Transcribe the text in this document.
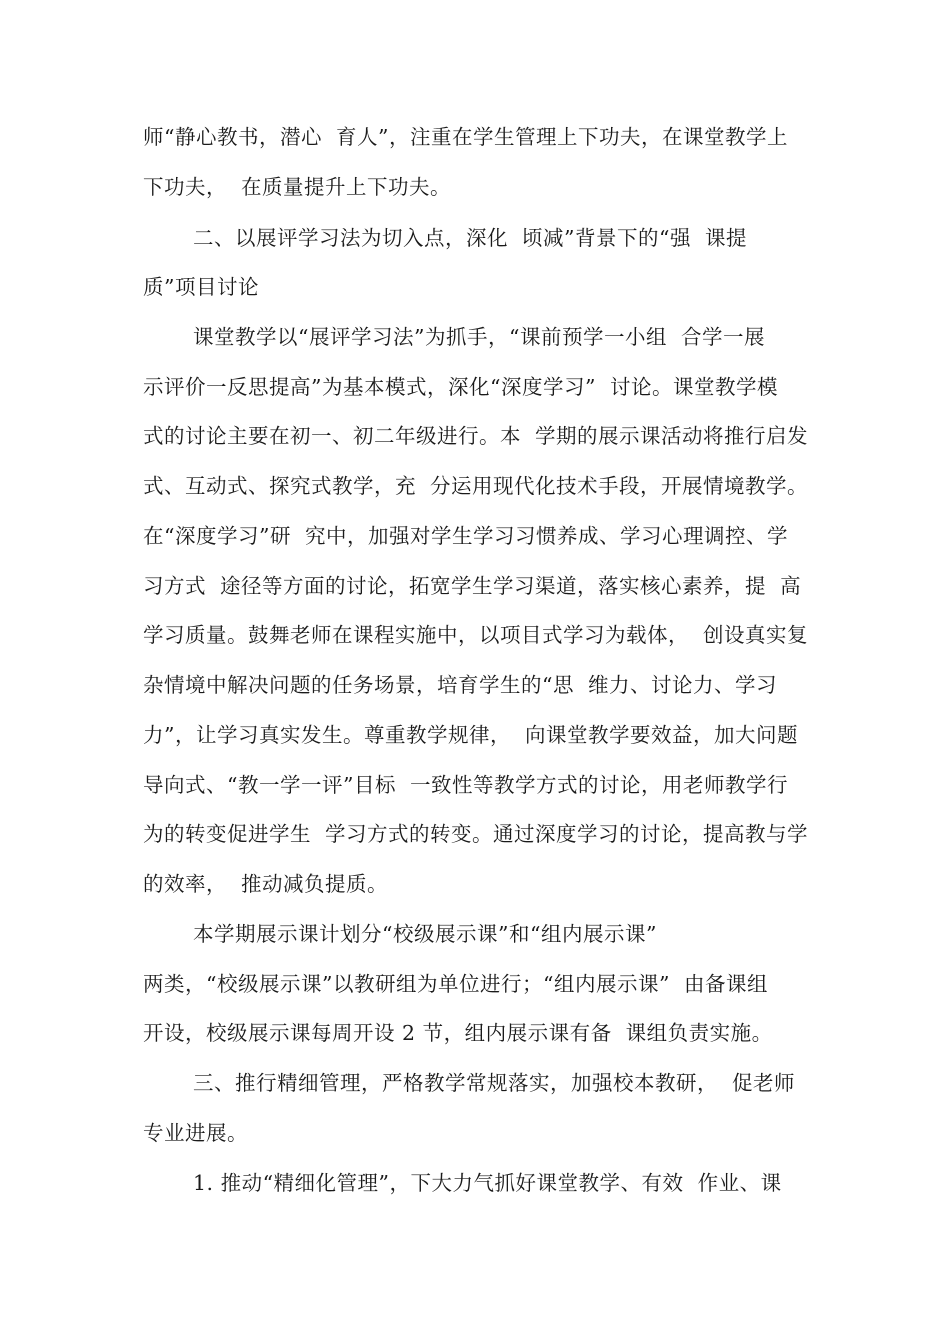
师“静心教书，潜心  育人”，注重在学生管理上下功夫，在课堂教学上
下功夫，  在质量提升上下功夫。
二、以展评学习法为切入点，深化  顷减”背景下的“强  课提
质”项目讨论
课堂教学以“展评学习法”为抓手，“课前预学一小组  合学一展
示评价一反思提高”为基本模式，深化“深度学习”  讨论。课堂教学模
式的讨论主要在初一、初二年级进行。本  学期的展示课活动将推行启发
式、互动式、探究式教学，充  分运用现代化技术手段，开展情境教学。
在“深度学习”研  究中，加强对学生学习习惯养成、学习心理调控、学
习方式  途径等方面的讨论，拓宽学生学习渠道，落实核心素养，提  高
学习质量。鼓舞老师在课程实施中，以项目式学习为载体，  创设真实复
杂情境中解决问题的任务场景，培育学生的“思  维力、讨论力、学习
力”，让学习真实发生。尊重教学规律，  向课堂教学要效益，加大问题
导向式、“教一学一评”目标  一致性等教学方式的讨论，用老师教学行
为的转变促进学生  学习方式的转变。通过深度学习的讨论，提高教与学
的效率，  推动减负提质。
本学期展示课计划分“校级展示课”和“组内展示课”
两类，“校级展示课”以教研组为单位进行；“组内展示课”  由备课组
开设，校级展示课每周开设 2 节，组内展示课有备  课组负责实施。
三、推行精细管理，严格教学常规落实，加强校本教研，  促老师
专业进展。
1. 推动“精细化管理”，下大力气抓好课堂教学、有效  作业、课
